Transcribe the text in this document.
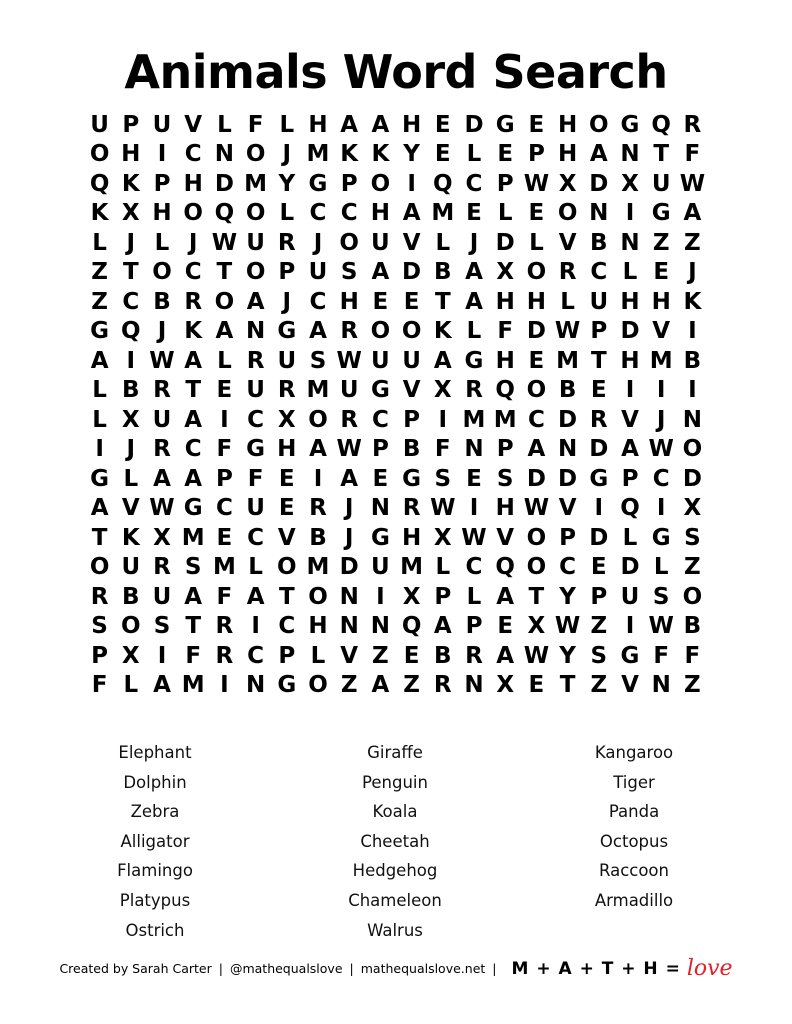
Animals Word Search
U P U V L F L H A A H E D G E H O G Q R
O H I C N O J M K K Y E L E P H A N T F
Q K P H D M Y G P O I Q C P W X D X U W
K X H O Q O L C C H A M E L E O N I G A
L J L J W U R J O U V L J D L V B N Z Z
Z T O C T O P U S A D B A X O R C L E J
Z C B R O A J C H E E T A H H L U H H K
G Q J K A N G A R O O K L F D W P D V I
A I W A L R U S W U U A G H E M T H M B
L B R T E U R M U G V X R Q O B E I I I
L X U A I C X O R C P I M M C D R V J N
I J R C F G H A W P B F N P A N D A W O
G L A A P F E I A E G S E S D D G P C D
A V W G C U E R J N R W I H W V I Q I X
T K X M E C V B J G H X W V O P D L G S
O U R S M L O M D U M L C Q O C E D L Z
R B U A F A T O N I X P L A T Y P U S O
S O S T R I C H N N Q A P E X W Z I W B
P X I F R C P L V Z E B R A W Y S G F F
F L A M I N G O Z A Z R N X E T Z V N Z
Elephant
Dolphin
Zebra
Alligator
Flamingo
Platypus
Ostrich
Giraffe
Penguin
Koala
Cheetah
Hedgehog
Chameleon
Walrus
Kangaroo
Tiger
Panda
Octopus
Raccoon
Armadillo
Created by Sarah Carter | @mathequalslove | mathequalslove.net | M + A + T + H = love
